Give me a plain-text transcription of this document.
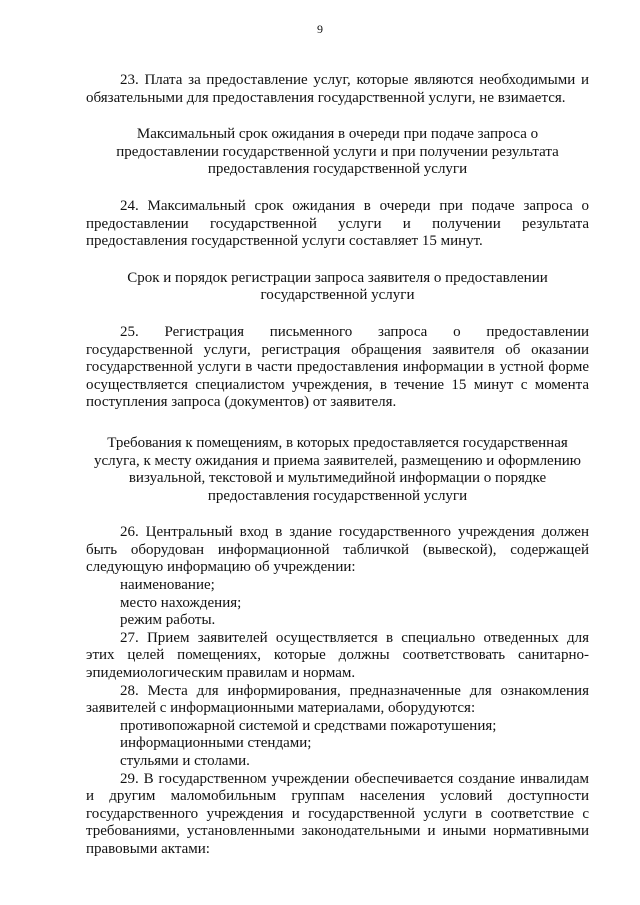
9

23. Плата за предоставление услуг, которые являются необходимыми и обязательными для предоставления государственной услуги, не взимается.

Максимальный срок ожидания в очереди при подаче запроса о предоставлении государственной услуги и при получении результата предоставления государственной услуги

24. Максимальный срок ожидания в очереди при подаче запроса о предоставлении государственной услуги и получении результата предоставления государственной услуги составляет 15 минут.

Срок и порядок регистрации запроса заявителя о предоставлении государственной услуги

25. Регистрация письменного запроса о предоставлении государственной услуги, регистрация обращения заявителя об оказании государственной услуги в части предоставления информации в устной форме осуществляется специалистом учреждения, в течение 15 минут с момента поступления запроса (документов) от заявителя.

Требования к помещениям, в которых предоставляется государственная услуга, к месту ожидания и приема заявителей, размещению и оформлению визуальной, текстовой и мультимедийной информации о порядке предоставления государственной услуги

26. Центральный вход в здание государственного учреждения должен быть оборудован информационной табличкой (вывеской), содержащей следующую информацию об учреждении:

наименование;

место нахождения;

режим работы.

27. Прием заявителей осуществляется в специально отведенных для этих целей помещениях, которые должны соответствовать санитарно-эпидемиологическим правилам и нормам.

28. Места для информирования, предназначенные для ознакомления заявителей с информационными материалами, оборудуются:

противопожарной системой и средствами пожаротушения;

информационными стендами;

стульями и столами.

29. В государственном учреждении обеспечивается создание инвалидам и другим маломобильным группам населения условий доступности государственного учреждения и государственной услуги в соответствие с требованиями, установленными законодательными и иными нормативными правовыми актами:
